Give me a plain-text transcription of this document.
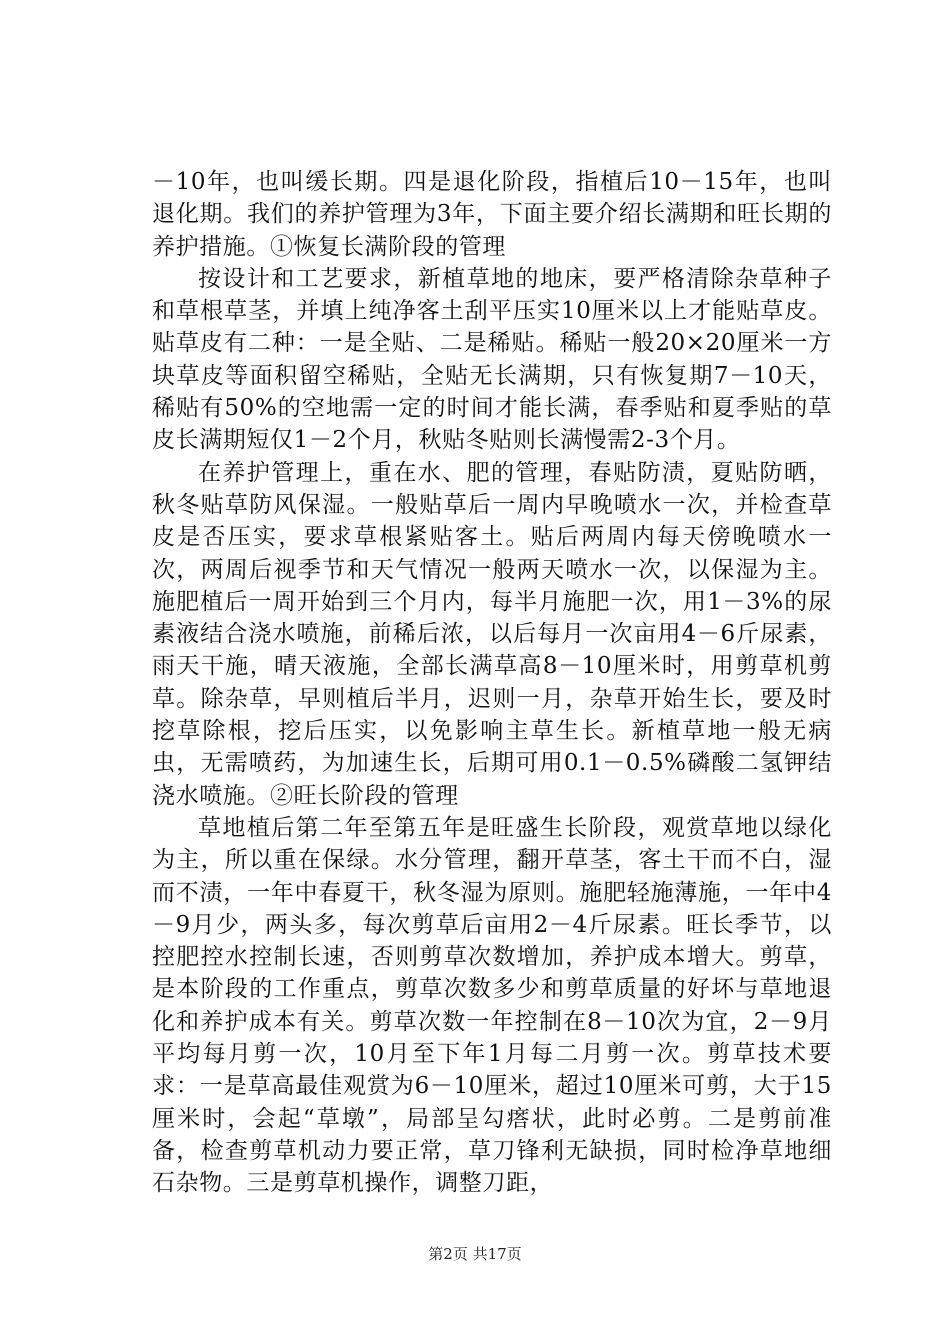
－10年，也叫缓长期。四是退化阶段，指植后10－15年，也叫退化期。我们的养护管理为3年，下面主要介绍长满期和旺长期的养护措施。①恢复长满阶段的管理

按设计和工艺要求，新植草地的地床，要严格清除杂草种子和草根草茎，并填上纯净客土刮平压实10厘米以上才能贴草皮。贴草皮有二种：一是全贴、二是稀贴。稀贴一般20×20厘米一方块草皮等面积留空稀贴，全贴无长满期，只有恢复期7－10天，稀贴有50%的空地需一定的时间才能长满，春季贴和夏季贴的草皮长满期短仅1－2个月，秋贴冬贴则长满慢需2-3个月。

在养护管理上，重在水、肥的管理，春贴防渍，夏贴防晒，秋冬贴草防风保湿。一般贴草后一周内早晚喷水一次，并检查草皮是否压实，要求草根紧贴客土。贴后两周内每天傍晚喷水一次，两周后视季节和天气情况一般两天喷水一次，以保湿为主。施肥植后一周开始到三个月内，每半月施肥一次，用1－3%的尿素液结合浇水喷施，前稀后浓，以后每月一次亩用4－6斤尿素，雨天干施，晴天液施，全部长满草高8－10厘米时，用剪草机剪草。除杂草，早则植后半月，迟则一月，杂草开始生长，要及时挖草除根，挖后压实，以免影响主草生长。新植草地一般无病虫，无需喷药，为加速生长，后期可用0.1－0.5%磷酸二氢钾结浇水喷施。②旺长阶段的管理

草地植后第二年至第五年是旺盛生长阶段，观赏草地以绿化为主，所以重在保绿。水分管理，翻开草茎，客土干而不白，湿而不渍，一年中春夏干，秋冬湿为原则。施肥轻施薄施，一年中4－9月少，两头多，每次剪草后亩用2－4斤尿素。旺长季节，以控肥控水控制长速，否则剪草次数增加，养护成本增大。剪草，是本阶段的工作重点，剪草次数多少和剪草质量的好坏与草地退化和养护成本有关。剪草次数一年控制在8－10次为宜，2－9月平均每月剪一次，10月至下年1月每二月剪一次。剪草技术要求：一是草高最佳观赏为6－10厘米，超过10厘米可剪，大于15厘米时，会起“草墩”，局部呈勾瘩状，此时必剪。二是剪前准备，检查剪草机动力要正常，草刀锋利无缺损，同时检净草地细石杂物。三是剪草机操作，调整刀距，

第2页 共17页
